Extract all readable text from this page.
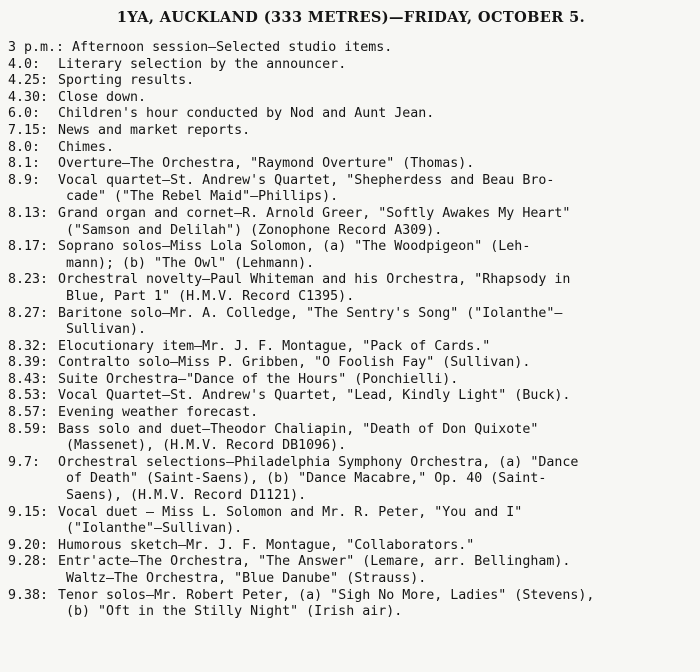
1YA, AUCKLAND (333 METRES)—FRIDAY, OCTOBER 5.
3 p.m.: Afternoon session—Selected studio items.
4.0:	Literary selection by the announcer.
4.25: Sporting results.
4.30: Close down.
6.0:	Children's hour conducted by Nod and Aunt Jean.
7.15: News and market reports.
8.0:	Chimes.
8.1:	Overture—The Orchestra, "Raymond Overture" (Thomas).
8.9:	Vocal quartet—St. Andrew's Quartet, "Shepherdess and Beau Bro-
cade" ("The Rebel Maid"—Phillips).
8.13: Grand organ and cornet—R. Arnold Greer, "Softly Awakes My Heart"
("Samson and Delilah") (Zonophone Record A309).
8.17: Soprano solos—Miss Lola Solomon, (a) "The Woodpigeon" (Leh-
mann); (b) "The Owl" (Lehmann).
8.23: Orchestral novelty—Paul Whiteman and his Orchestra, "Rhapsody in
Blue, Part 1" (H.M.V. Record C1395).
8.27: Baritone solo—Mr. A. Colledge, "The Sentry's Song" ("Iolanthe"—
Sullivan).
8.32: Elocutionary item—Mr. J. F. Montague, "Pack of Cards."
8.39: Contralto solo—Miss P. Gribben, "O Foolish Fay" (Sullivan).
8.43: Suite Orchestra—"Dance of the Hours" (Ponchielli).
8.53: Vocal Quartet—St. Andrew's Quartet, "Lead, Kindly Light" (Buck).
8.57: Evening weather forecast.
8.59: Bass solo and duet—Theodor Chaliapin, "Death of Don Quixote"
(Massenet), (H.M.V. Record DB1096).
9.7:	Orchestral selections—Philadelphia Symphony Orchestra, (a) "Dance
of Death" (Saint-Saens), (b) "Dance Macabre," Op. 40 (Saint-
Saens), (H.M.V. Record D1121).
9.15: Vocal duet — Miss L. Solomon and Mr. R. Peter, "You and I"
("Iolanthe"—Sullivan).
9.20: Humorous sketch—Mr. J. F. Montague, "Collaborators."
9.28: Entr'acte—The Orchestra, "The Answer" (Lemare, arr. Bellingham).
Waltz—The Orchestra, "Blue Danube" (Strauss).
9.38: Tenor solos—Mr. Robert Peter, (a) "Sigh No More, Ladies" (Stevens),
(b) "Oft in the Stilly Night" (Irish air).
